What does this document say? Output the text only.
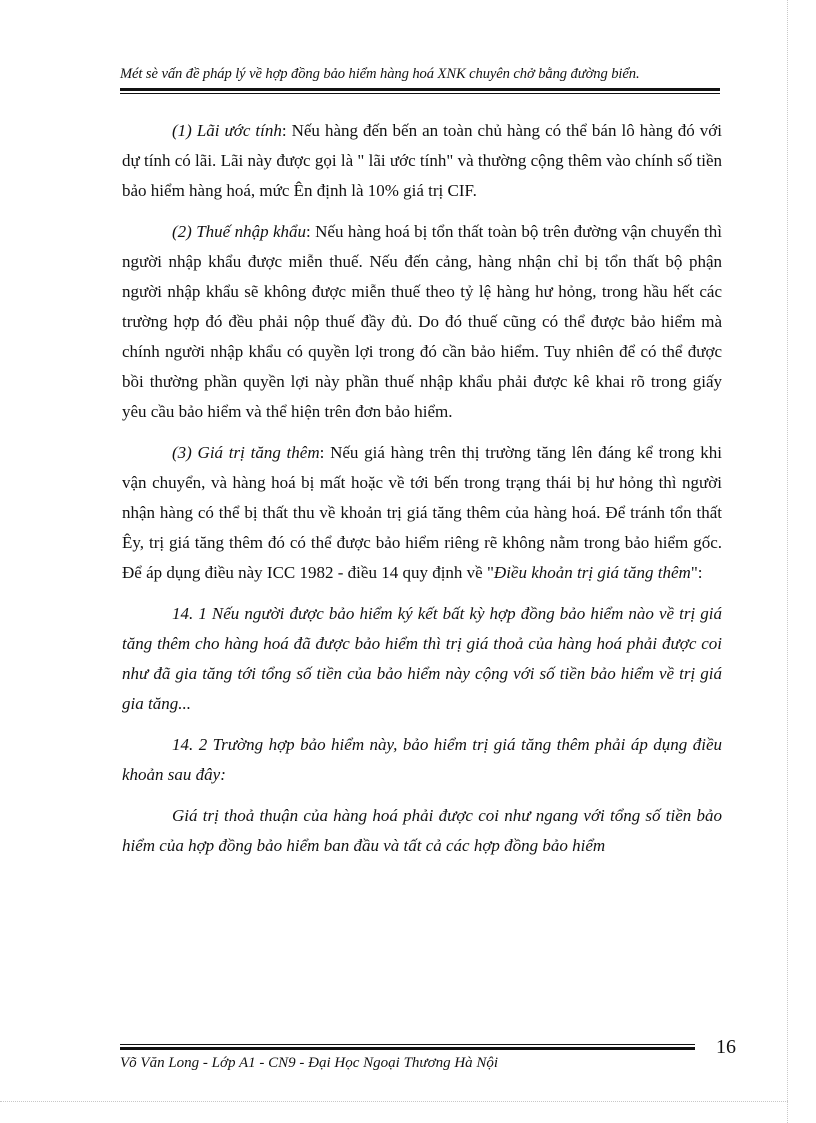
Mét sè vấn đề pháp lý về hợp đồng bảo hiểm hàng hoá XNK chuyên chở bằng đường biển.

(1) Lãi ước tính: Nếu hàng đến bến an toàn chủ hàng có thể bán lô hàng đó với dự tính có lãi. Lãi này được gọi là " lãi ước tính" và thường cộng thêm vào chính số tiền bảo hiểm hàng hoá, mức Ên định là 10% giá trị CIF.

(2) Thuế nhập khẩu: Nếu hàng hoá bị tổn thất toàn bộ trên đường vận chuyển thì người nhập khẩu được miễn thuế. Nếu đến cảng, hàng nhận chỉ bị tổn thất bộ phận người nhập khẩu sẽ không được miễn thuế theo tỷ lệ hàng hư hỏng, trong hầu hết các trường hợp đó đều phải nộp thuế đầy đủ. Do đó thuế cũng có thể được bảo hiểm mà chính người nhập khẩu có quyền lợi trong đó cần bảo hiểm. Tuy nhiên để có thể được bồi thường phần quyền lợi này phần thuế nhập khẩu phải được kê khai rõ trong giấy yêu cầu bảo hiểm và thể hiện trên đơn bảo hiểm.

(3) Giá trị tăng thêm: Nếu giá hàng trên thị trường tăng lên đáng kể trong khi vận chuyển, và hàng hoá bị mất hoặc về tới bến trong trạng thái bị hư hỏng thì người nhận hàng có thể bị thất thu về khoản trị giá tăng thêm của hàng hoá. Để tránh tổn thất Êy, trị giá tăng thêm đó có thể được bảo hiểm riêng rẽ không nằm trong bảo hiểm gốc. Để áp dụng điều này ICC 1982 - điều 14 quy định về "Điều khoản trị giá tăng thêm":

14. 1 Nếu người được bảo hiểm ký kết bất kỳ hợp đồng bảo hiểm nào về trị giá tăng thêm cho hàng hoá đã được bảo hiểm thì trị giá thoả của hàng hoá phải được coi như đã gia tăng tới tổng số tiền của bảo hiểm này cộng với số tiền bảo hiểm về trị giá gia tăng...

14. 2 Trường hợp bảo hiểm này, bảo hiểm trị giá tăng thêm phải áp dụng điều khoản sau đây:

Giá trị thoả thuận của hàng hoá phải được coi như ngang với tổng số tiền bảo hiểm của hợp đồng bảo hiểm ban đầu và tất cả các hợp đồng bảo hiểm

Võ Văn Long - Lớp A1 - CN9 - Đại Học Ngoại Thương Hà Nội
16
